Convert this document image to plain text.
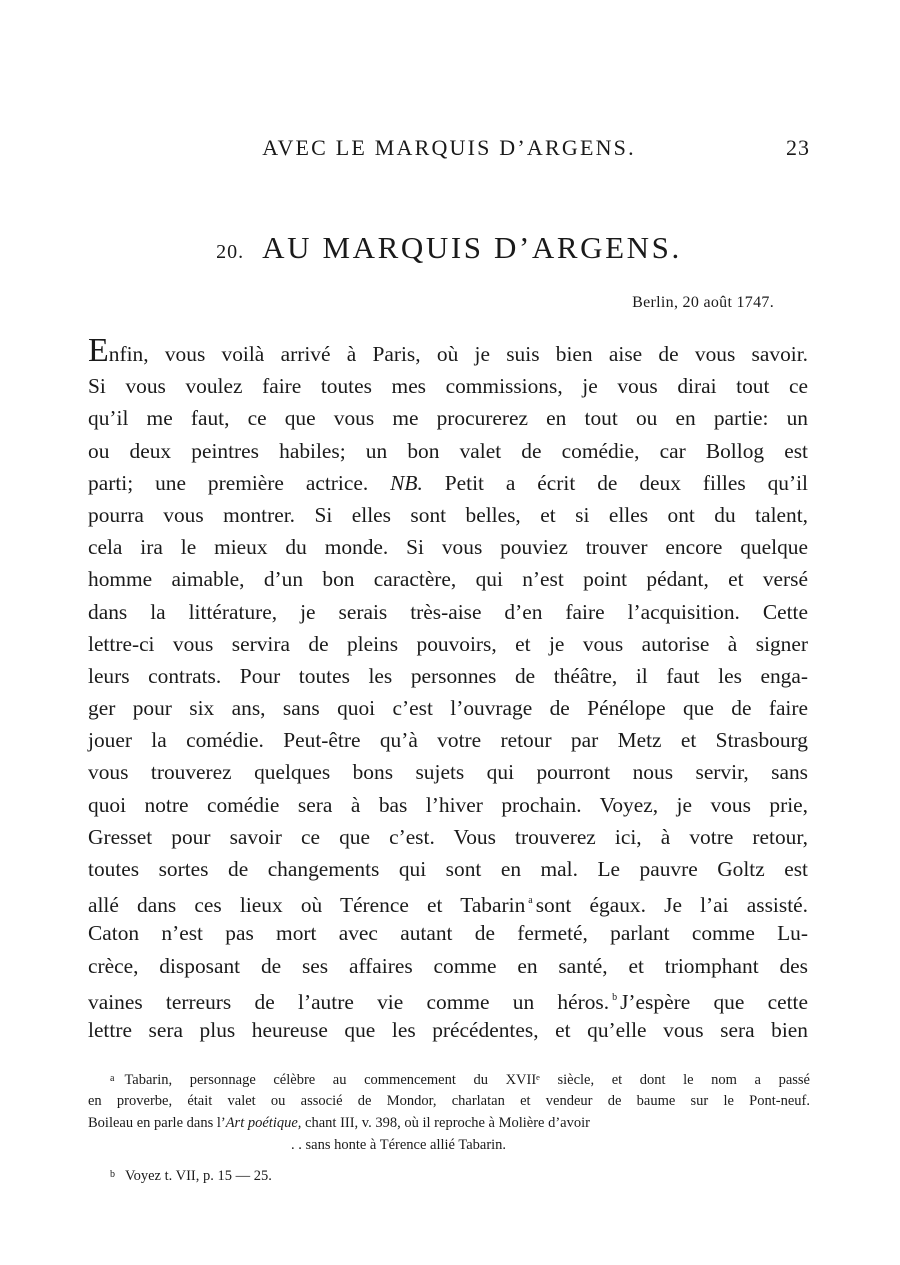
AVEC LE MARQUIS D’ARGENS.	23
20. AU MARQUIS D’ARGENS.
Berlin, 20 août 1747.
Enfin, vous voilà arrivé à Paris, où je suis bien aise de vous savoir.
Si vous voulez faire toutes mes commissions, je vous dirai tout ce
qu’il me faut, ce que vous me procurerez en tout ou en partie: un
ou deux peintres habiles; un bon valet de comédie, car Bollog est
parti; une première actrice. NB. Petit a écrit de deux filles qu’il
pourra vous montrer. Si elles sont belles, et si elles ont du talent,
cela ira le mieux du monde. Si vous pouviez trouver encore quelque
homme aimable, d’un bon caractère, qui n’est point pédant, et versé
dans la littérature, je serais très-aise d’en faire l’acquisition. Cette
lettre-ci vous servira de pleins pouvoirs, et je vous autorise à signer
leurs contrats. Pour toutes les personnes de théâtre, il faut les enga-
ger pour six ans, sans quoi c’est l’ouvrage de Pénélope que de faire
jouer la comédie. Peut-être qu’à votre retour par Metz et Strasbourg
vous trouverez quelques bons sujets qui pourront nous servir, sans
quoi notre comédie sera à bas l’hiver prochain. Voyez, je vous prie,
Gresset pour savoir ce que c’est. Vous trouverez ici, à votre retour,
toutes sortes de changements qui sont en mal. Le pauvre Goltz est
allé dans ces lieux où Térence et Tabarin $^a$ sont égaux. Je l’ai assisté.
Caton n’est pas mort avec autant de fermeté, parlant comme Lu-
crèce, disposant de ses affaires comme en santé, et triomphant des
vaines terreurs de l’autre vie comme un héros. $^b$ J’espère que cette
lettre sera plus heureuse que les précédentes, et qu’elle vous sera bien
$^a$ Tabarin, personnage célèbre au commencement du XVIIᵉ siècle, et dont le nom a passé
en proverbe, était valet ou associé de Mondor, charlatan et vendeur de baume sur le Pont-neuf.
Boileau en parle dans l’Art poétique, chant III, v. 398, où il reproche à Molière d’avoir
. . sans honte à Térence allié Tabarin.
$^b$ Voyez t. VII, p. 15 — 25.
